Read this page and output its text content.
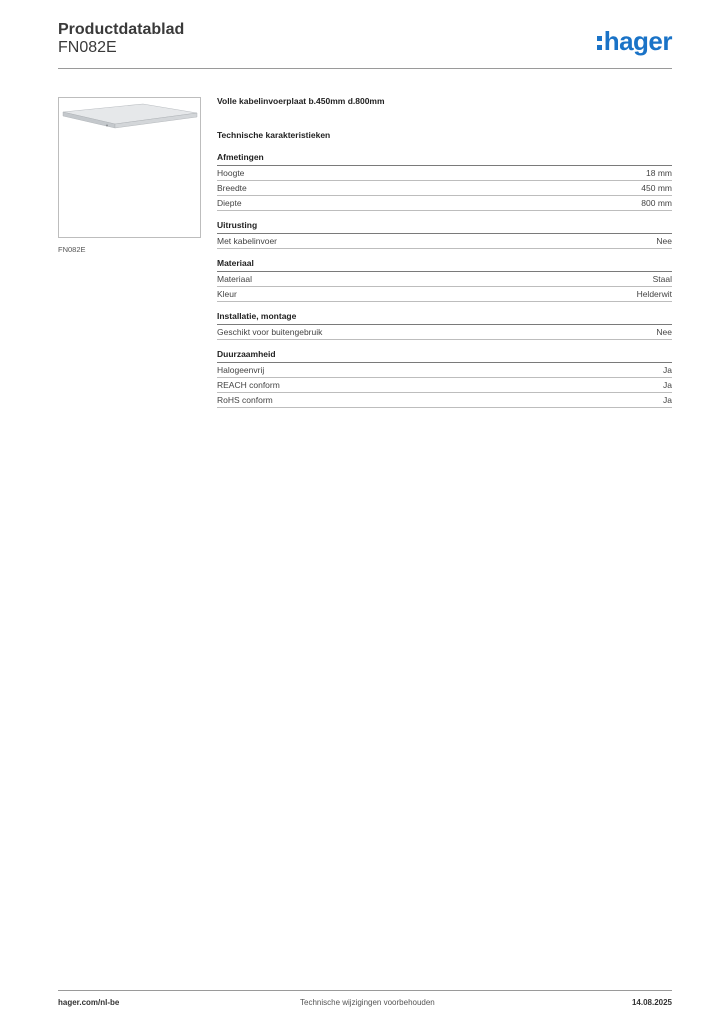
Productdatablad
FN082E	hager
FN082E
Volle kabelinvoerplaat b.450mm d.800mm
Technische karakteristieken
Afmetingen
Hoogte	18 mm
Breedte	450 mm
Diepte	800 mm
Uitrusting
Met kabelinvoer	Nee
Materiaal
Materiaal	Staal
Kleur	Helderwit
Installatie, montage
Geschikt voor buitengebruik	Nee
Duurzaamheid
Halogeenvrij	Ja
REACH conform	Ja
RoHS conform	Ja
hager.com/nl-be	Technische wijzigingen voorbehouden	14.08.2025
